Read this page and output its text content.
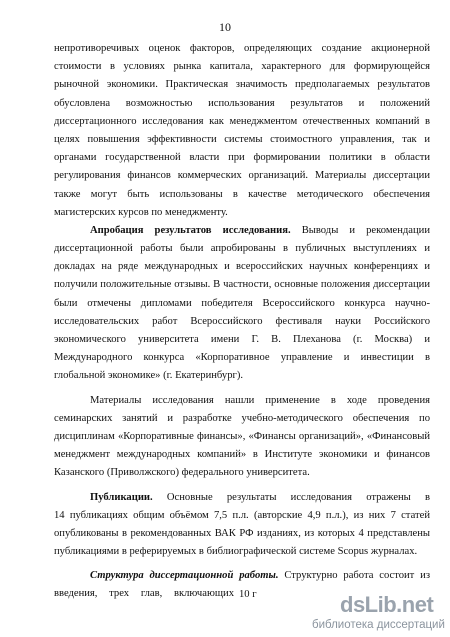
10
непротиворечивых оценок факторов, определяющих создание акционерной
стоимости в условиях рынка капитала, характерного для формирующейся
рыночной экономики. Практическая значимость предполагаемых результатов
обусловлена возможностью использования результатов и положений
диссертационного исследования как менеджментом отечественных компаний в
целях повышения эффективности системы стоимостного управления, так и
органами государственной власти при формировании политики в области
регулирования финансов коммерческих организаций. Материалы диссертации
также могут быть использованы в качестве методического обеспечения
магистерских курсов по менеджменту.
Апробация результатов исследования. Выводы и рекомендации
диссертационной работы были апробированы в публичных выступлениях и
докладах на ряде международных и всероссийских научных конференциях и
получили положительные отзывы. В частности, основные положения диссертации
были отмечены дипломами победителя Всероссийского конкурса научно-
исследовательских работ Всероссийского фестиваля науки Российского
экономического университета имени Г. В. Плеханова (г. Москва) и
Международного конкурса «Корпоративное управление и инвестиции в
глобальной экономике» (г. Екатеринбург).
Материалы исследования нашли применение в ходе проведения
семинарских занятий и разработке учебно-методического обеспечения по
дисциплинам «Корпоративные финансы», «Финансы организаций», «Финансовый
менеджмент международных компаний» в Институте экономики и финансов
Казанского (Приволжского) федерального университета.
Публикации. Основные результаты исследования отражены в
14 публикациях общим объёмом 7,5 п.л. (авторские 4,9 п.л.), из них 7 статей
опубликованы в рекомендованных ВАК РФ изданиях, из которых 4 представлены
публикациями в реферируемых в библиографической системе Scopus журналах.
Структура диссертационной работы. Структурно работа состоит из
введения, трех глав, включающих 10 г	dsLib.net
библиотека диссертаций
